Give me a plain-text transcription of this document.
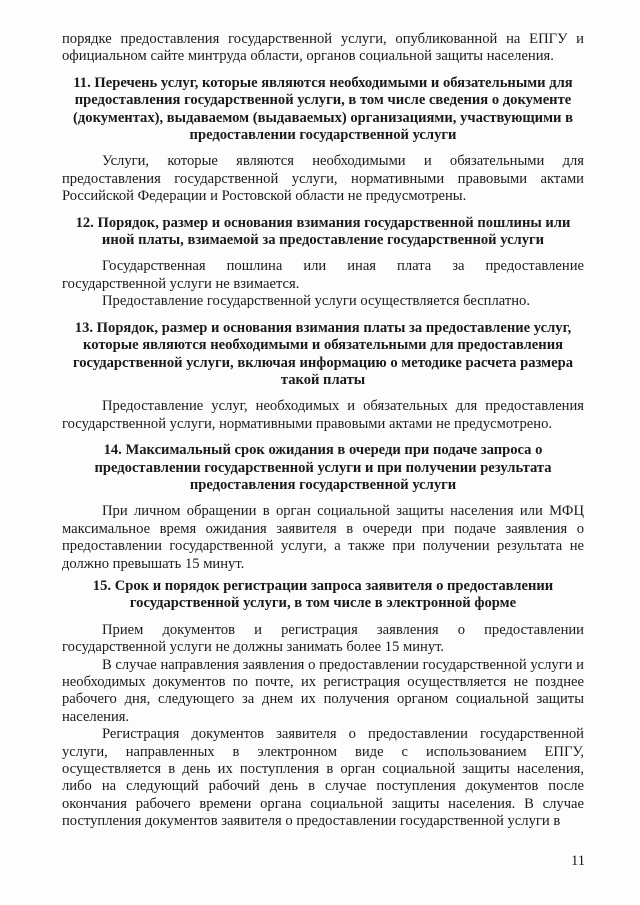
порядке предоставления государственной услуги, опубликованной на ЕПГУ и официальном сайте минтруда области, органов социальной защиты населения.

11. Перечень услуг, которые являются необходимыми и обязательными для предоставления государственной услуги, в том числе сведения о документе (документах), выдаваемом (выдаваемых) организациями, участвующими в предоставлении государственной услуги

Услуги, которые являются необходимыми и обязательными для предоставления государственной услуги, нормативными правовыми актами Российской Федерации и Ростовской области не предусмотрены.

12. Порядок, размер и основания взимания государственной пошлины или иной платы, взимаемой за предоставление государственной услуги

Государственная пошлина или иная плата за предоставление государственной услуги не взимается.

Предоставление государственной услуги осуществляется бесплатно.

13. Порядок, размер и основания взимания платы за предоставление услуг, которые являются необходимыми и обязательными для предоставления государственной услуги, включая информацию о методике расчета размера такой платы

Предоставление услуг, необходимых и обязательных для предоставления государственной услуги, нормативными правовыми актами не предусмотрено.

14. Максимальный срок ожидания в очереди при подаче запроса о предоставлении государственной услуги и при получении результата предоставления государственной услуги

При личном обращении в орган социальной защиты населения или МФЦ максимальное время ожидания заявителя в очереди при подаче заявления о предоставлении государственной услуги, а также при получении результата не должно превышать 15 минут.

15. Срок и порядок регистрации запроса заявителя о предоставлении государственной услуги, в том числе в электронной форме

Прием документов и регистрация заявления о предоставлении государственной услуги не должны занимать более 15 минут.

В случае направления заявления о предоставлении государственной услуги и необходимых документов по почте, их регистрация осуществляется не позднее рабочего дня, следующего за днем их получения органом социальной защиты населения.

Регистрация документов заявителя о предоставлении государственной услуги, направленных в электронном виде с использованием ЕПГУ, осуществляется в день их поступления в орган социальной защиты населения, либо на следующий рабочий день в случае поступления документов после окончания рабочего времени органа социальной защиты населения. В случае поступления документов заявителя о предоставлении государственной услуги в

11
